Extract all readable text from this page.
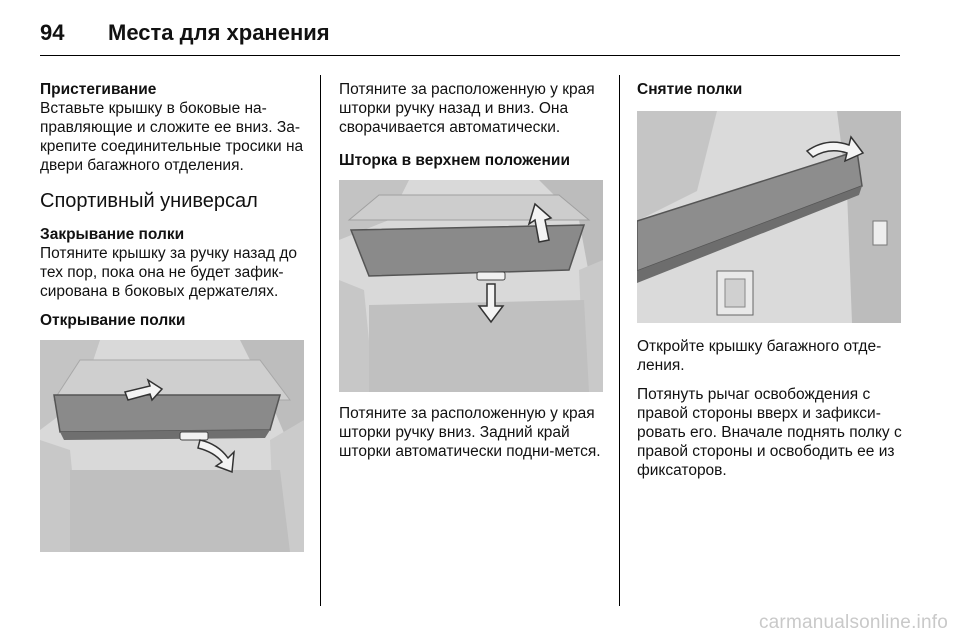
94 Места для хранения
Пристегивание

Вставьте крышку в боковые на-правляющие и сложите ее вниз. За-крепите соединительные тросики на двери багажного отделения.

Спортивный универсал
Закрывание полки

Потяните крышку за ручку назад до тех пор, пока она не будет зафик-сирована в боковых держателях.

Открывание полки

Потяните за расположенную у края шторки ручку назад и вниз. Она сворачивается автоматически.

Шторка в верхнем положении

Потяните за расположенную у края шторки ручку вниз. Задний край шторки автоматически подни-мется.

Снятие полки

Откройте крышку багажного отде-ления.

Потянуть рычаг освобождения с правой стороны вверх и зафикси-ровать его. Вначале поднять полку с правой стороны и освободить ее из фиксаторов.

carmanualsonline.info
